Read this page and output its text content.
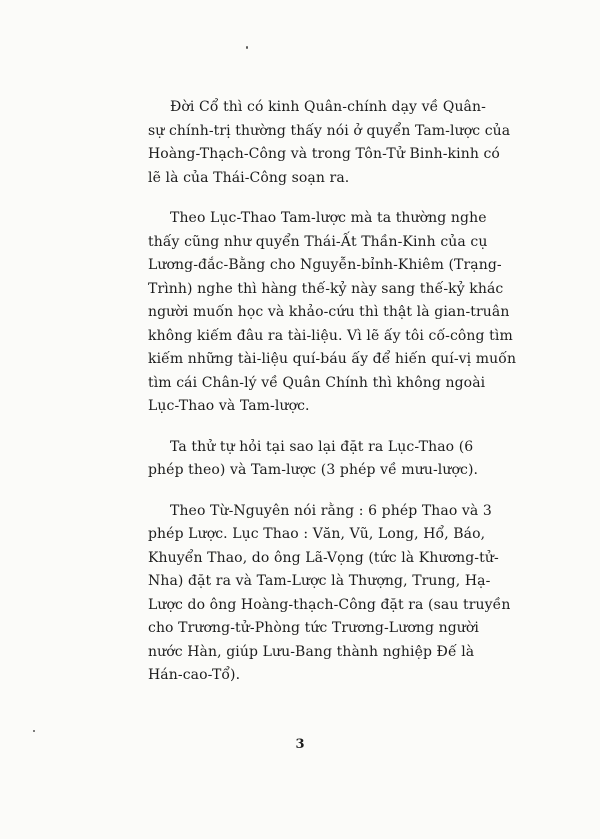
Đời Cổ thì có kinh Quân-chính dạy về Quân-
sự chính-trị thường thấy nói ở quyển Tam-lược của
Hoàng-Thạch-Công và trong Tôn-Tử Binh-kinh có
lẽ là của Thái-Công soạn ra.

Theo Lục-Thao Tam-lược mà ta thường nghe
thấy cũng như quyển Thái-Ất Thần-Kinh của cụ
Lương-đắc-Bằng cho Nguyễn-bỉnh-Khiêm (Trạng-
Trình) nghe thì hàng thế-kỷ này sang thế-kỷ khác
người muốn học và khảo-cứu thì thật là gian-truân
không kiếm đâu ra tài-liệu. Vì lẽ ấy tôi cố-công tìm
kiếm những tài-liệu quí-báu ấy để hiến quí-vị muốn
tìm cái Chân-lý về Quân Chính thì không ngoài
Lục-Thao và Tam-lược.

Ta thử tự hỏi tại sao lại đặt ra Lục-Thao (6
phép theo) và Tam-lược (3 phép về mưu-lược).

Theo Từ-Nguyên nói rằng : 6 phép Thao và 3
phép Lược. Lục Thao : Văn, Vũ, Long, Hổ, Báo,
Khuyển Thao, do ông Lã-Vọng (tức là Khương-tử-
Nha) đặt ra và Tam-Lược là Thượng, Trung, Hạ-
Lược do ông Hoàng-thạch-Công đặt ra (sau truyền
cho Trương-tử-Phòng tức Trương-Lương người
nước Hàn, giúp Lưu-Bang thành nghiệp Đế là
Hán-cao-Tổ).

3
